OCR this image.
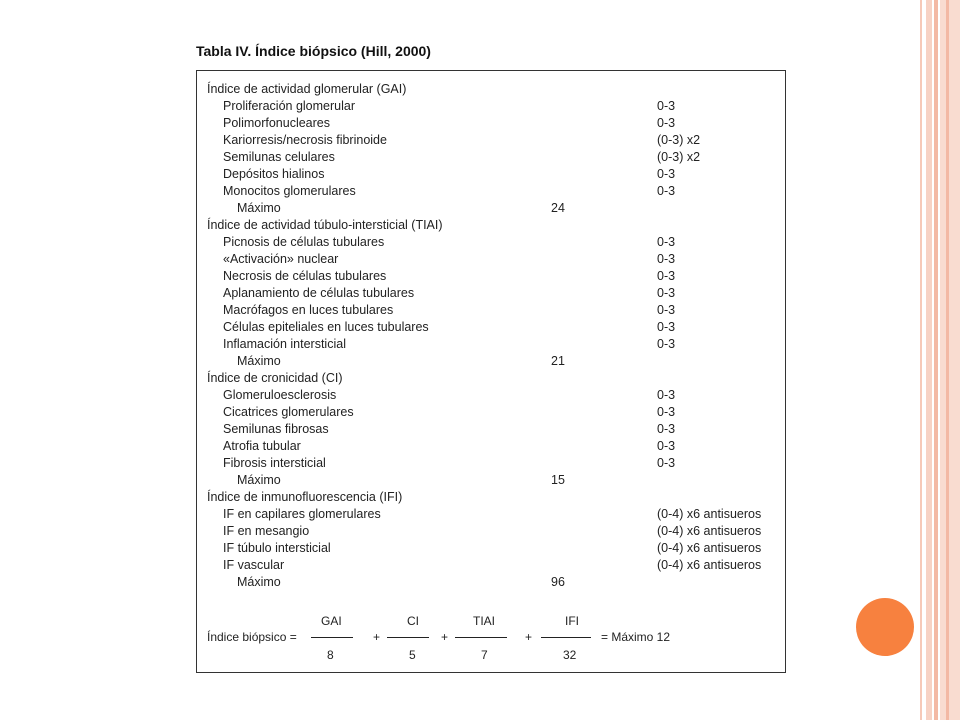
Tabla IV. Índice biópsico (Hill, 2000)
Índice de actividad glomerular (GAI)
Proliferación glomerular	0-3
Polimorfonucleares	0-3
Kariorresis/necrosis fibrinoide	(0-3) x2
Semilunas celulares	(0-3) x2
Depósitos hialinos	0-3
Monocitos glomerulares	0-3
Máximo	24
Índice de actividad túbulo-intersticial (TIAI)
Picnosis de células tubulares	0-3
«Activación» nuclear	0-3
Necrosis de células tubulares	0-3
Aplanamiento de células tubulares	0-3
Macrófagos en luces tubulares	0-3
Células epiteliales en luces tubulares	0-3
Inflamación intersticial	0-3
Máximo	21
Índice de cronicidad (CI)
Glomeruloesclerosis	0-3
Cicatrices glomerulares	0-3
Semilunas fibrosas	0-3
Atrofia tubular	0-3
Fibrosis intersticial	0-3
Máximo	15
Índice de inmunofluorescencia (IFI)
IF en capilares glomerulares	(0-4) x6 antisueros
IF en mesangio	(0-4) x6 antisueros
IF túbulo intersticial	(0-4) x6 antisueros
IF vascular	(0-4) x6 antisueros
Máximo	96
Índice biópsico =
GAI
8
+
CI
5
+
TIAI
7
+
IFI
32
= Máximo 12
